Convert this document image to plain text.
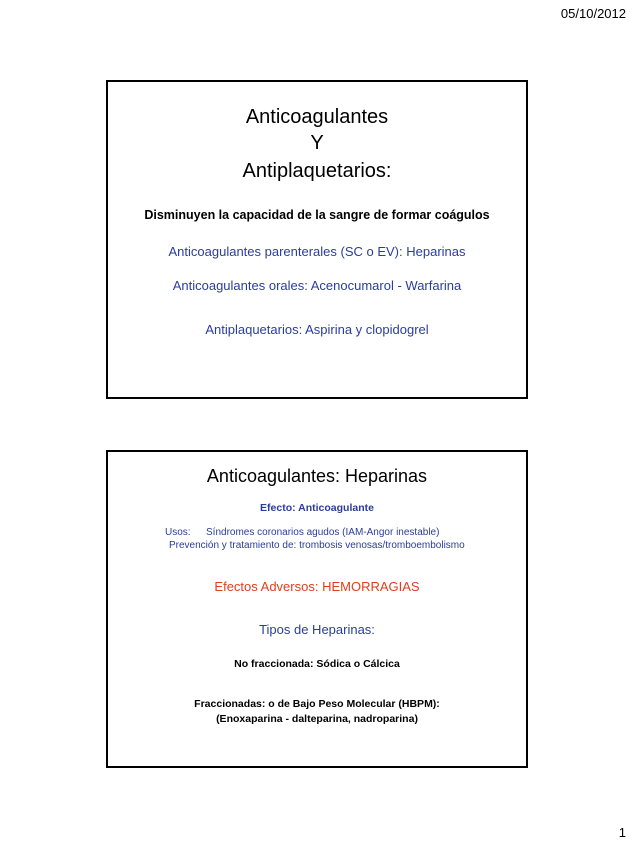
05/10/2012
Anticoagulantes
Y
Antiplaquetarios:
Disminuyen la capacidad de la sangre de formar coágulos
Anticoagulantes parenterales (SC o EV): Heparinas
Anticoagulantes orales: Acenocumarol - Warfarina
Antiplaquetarios: Aspirina y clopidogrel
Anticoagulantes: Heparinas
Efecto: Anticoagulante
Usos: Síndromes coronarios agudos (IAM-Angor inestable)
Prevención y tratamiento de: trombosis venosas/tromboembolismo
Efectos Adversos: HEMORRAGIAS
Tipos de Heparinas:
No fraccionada: Sódica o Cálcica
Fraccionadas: o de Bajo Peso Molecular (HBPM):
(Enoxaparina - dalteparina, nadroparina)
1
